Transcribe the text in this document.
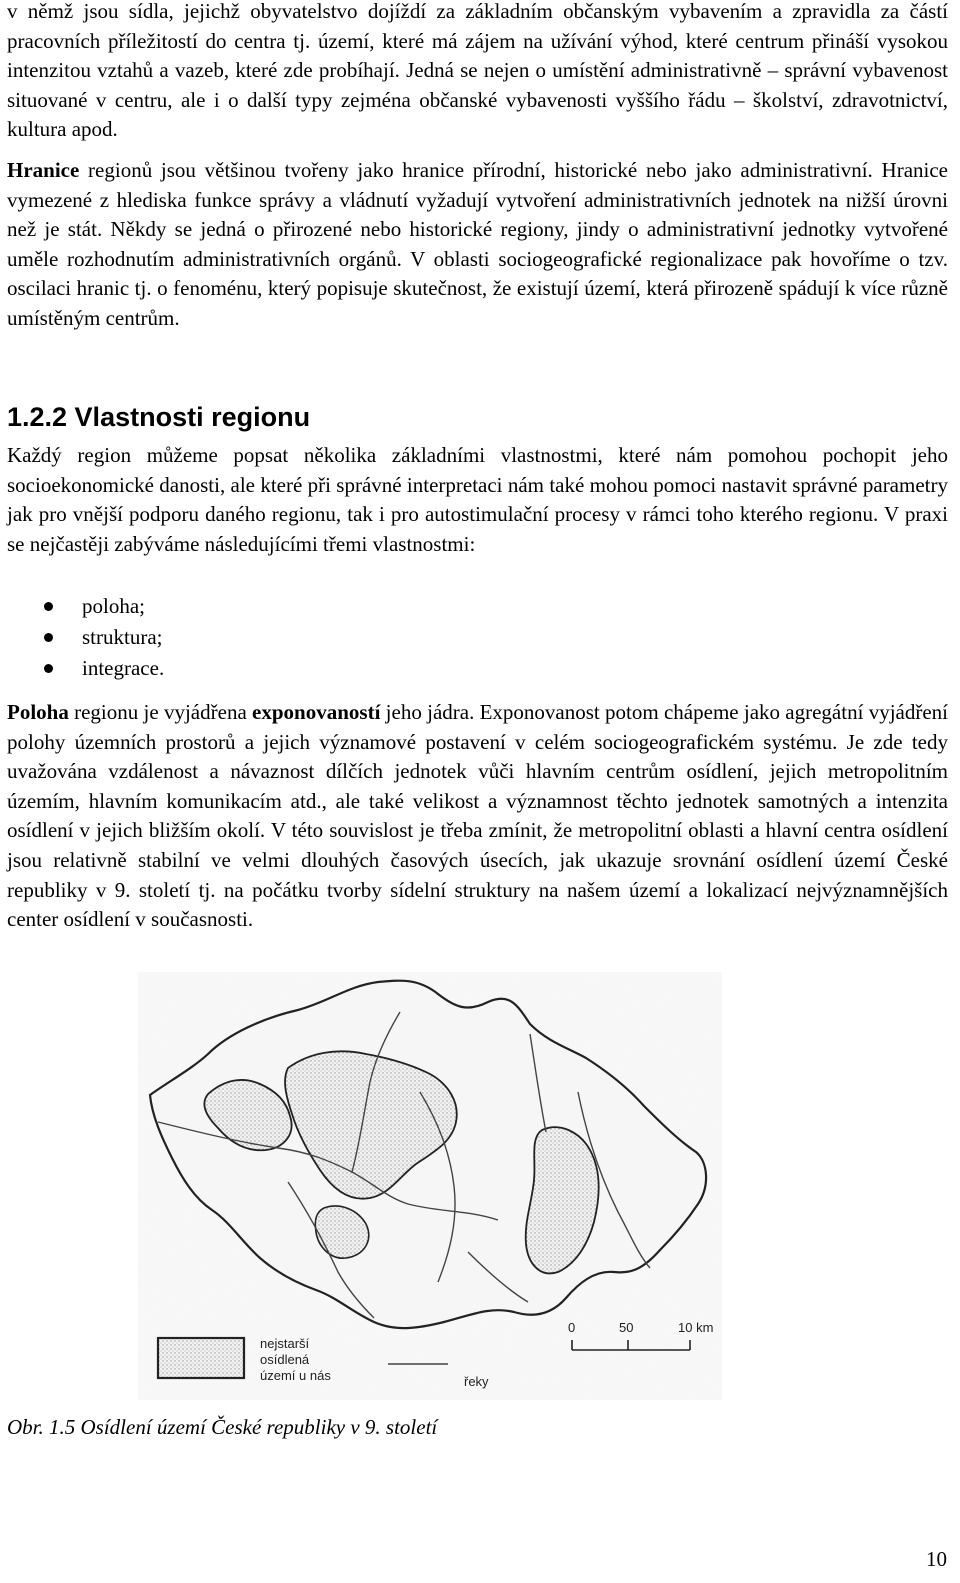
v němž jsou sídla, jejichž obyvatelstvo dojíždí za základním občanským vybavením a zpravidla za částí pracovních příležitostí do centra tj. území, které má zájem na užívání výhod, které centrum přináší vysokou intenzitou vztahů a vazeb, které zde probíhají. Jedná se nejen o umístění administrativně – správní vybavenost situované v centru, ale i o další typy zejména občanské vybavenosti vyššího řádu – školství, zdravotnictví, kultura apod.

Hranice regionů jsou většinou tvořeny jako hranice přírodní, historické nebo jako administrativní. Hranice vymezené z hlediska funkce správy a vládnutí vyžadují vytvoření administrativních jednotek na nižší úrovni než je stát. Někdy se jedná o přirozené nebo historické regiony, jindy o administrativní jednotky vytvořené uměle rozhodnutím administrativních orgánů. V oblasti sociogeografické regionalizace pak hovoříme o tzv. oscilaci hranic tj. o fenoménu, který popisuje skutečnost, že existují území, která přirozeně spádují k více různě umístěným centrům.

1.2.2 Vlastnosti regionu

Každý region můžeme popsat několika základními vlastnostmi, které nám pomohou pochopit jeho socioekonomické danosti, ale které při správné interpretaci nám také mohou pomoci nastavit správné parametry jak pro vnější podporu daného regionu, tak i pro autostimulační procesy v rámci toho kterého regionu. V praxi se nejčastěji zabýváme následujícími třemi vlastnostmi:

poloha;
struktura;
integrace.

Poloha regionu je vyjádřena exponovaností jeho jádra. Exponovanost potom chápeme jako agregátní vyjádření polohy územních prostorů a jejich významové postavení v celém sociogeografickém systému. Je zde tedy uvažována vzdálenost a návaznost dílčích jednotek vůči hlavním centrům osídlení, jejich metropolitním územím, hlavním komunikacím atd., ale také velikost a významnost těchto jednotek samotných a intenzita osídlení v jejich bližším okolí. V této souvislost je třeba zmínit, že metropolitní oblasti a hlavní centra osídlení jsou relativně stabilní ve velmi dlouhých časových úsecích, jak ukazuje srovnání osídlení území České republiky v 9. století tj. na počátku tvorby sídelní struktury na našem území a lokalizací nejvýznamnějších center osídlení v současnosti.

nejstarší
osídlená
území u nás	řeky
0	50	10 km

Obr. 1.5 Osídlení území České republiky v 9. století

10
